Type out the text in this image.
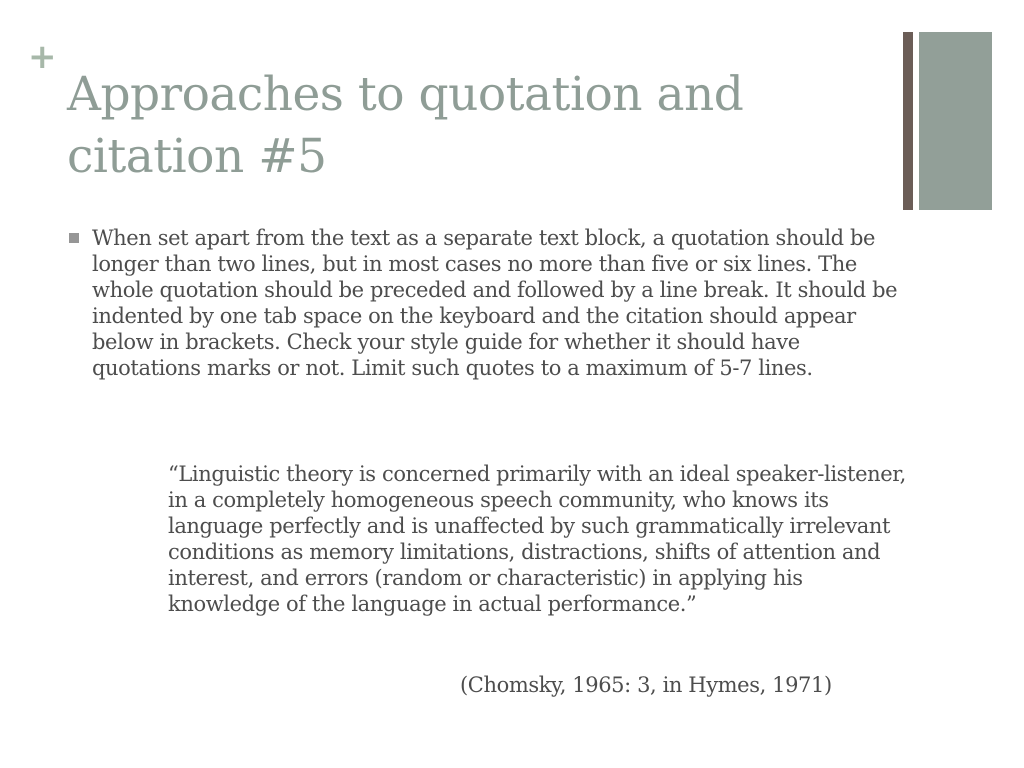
+
Approaches to quotation and citation #5

When set apart from the text as a separate text block, a quotation should be longer than two lines, but in most cases no more than five or six lines. The whole quotation should be preceded and followed by a line break. It should be indented by one tab space on the keyboard and the citation should appear below in brackets. Check your style guide for whether it should have quotations marks or not. Limit such quotes to a maximum of 5-7 lines.

“Linguistic theory is concerned primarily with an ideal speaker-listener, in a completely homogeneous speech community, who knows its language perfectly and is unaffected by such grammatically irrelevant conditions as memory limitations, distractions, shifts of attention and interest, and errors (random or characteristic) in applying his knowledge of the language in actual performance.”

(Chomsky, 1965: 3, in Hymes, 1971)
